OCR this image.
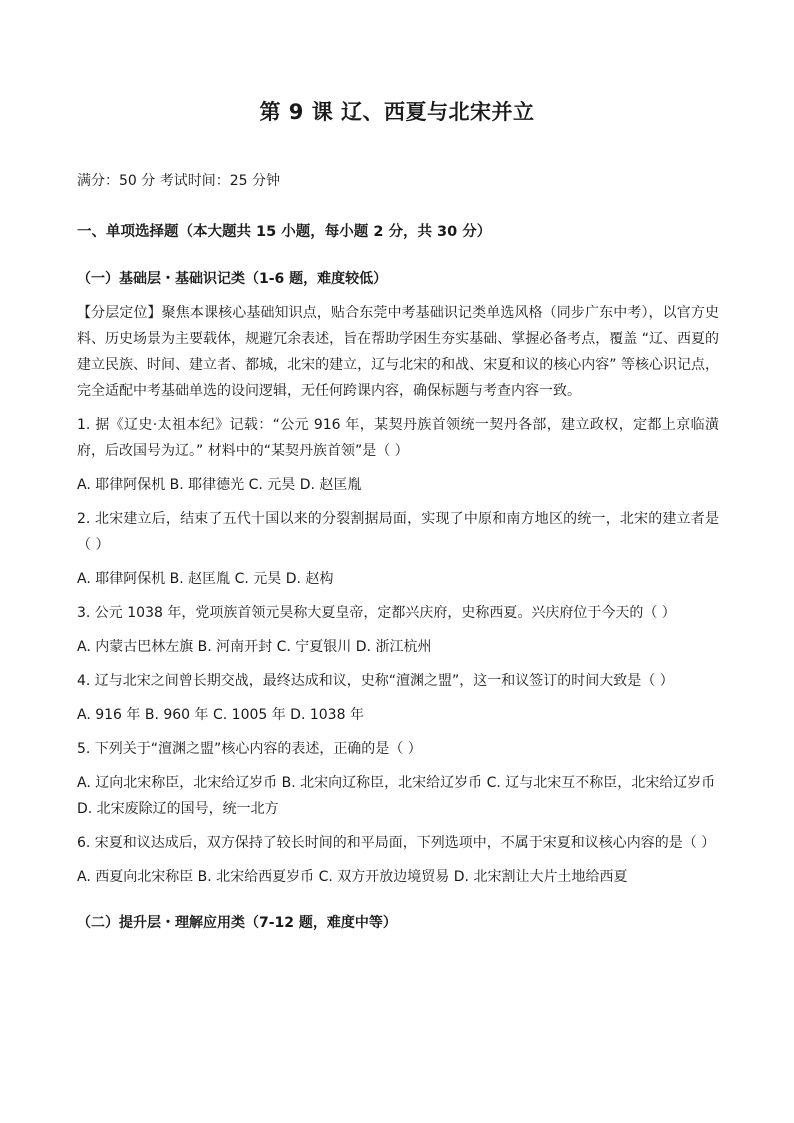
第 9 课 辽、西夏与北宋并立
满分：50 分 考试时间：25 分钟
一、单项选择题（本大题共 15 小题，每小题 2 分，共 30 分）
（一）基础层・基础识记类（1-6 题，难度较低）
【分层定位】聚焦本课核心基础知识点，贴合东莞中考基础识记类单选风格（同步广东中考），以官方史料、历史场景为主要载体，规避冗余表述，旨在帮助学困生夯实基础、掌握必备考点，覆盖 “辽、西夏的建立民族、时间、建立者、都城，北宋的建立，辽与北宋的和战、宋夏和议的核心内容” 等核心识记点，完全适配中考基础单选的设问逻辑，无任何跨课内容，确保标题与考查内容一致。
1. 据《辽史·太祖本纪》记载：“公元 916 年，某契丹族首领统一契丹各部，建立政权，定都上京临潢府，后改国号为辽。” 材料中的“某契丹族首领”是（ ）
A. 耶律阿保机 B. 耶律德光 C. 元昊 D. 赵匡胤
2. 北宋建立后，结束了五代十国以来的分裂割据局面，实现了中原和南方地区的统一，北宋的建立者是（ ）
A. 耶律阿保机 B. 赵匡胤 C. 元昊 D. 赵构
3. 公元 1038 年，党项族首领元昊称大夏皇帝，定都兴庆府，史称西夏。兴庆府位于今天的（ ）
A. 内蒙古巴林左旗 B. 河南开封 C. 宁夏银川 D. 浙江杭州
4. 辽与北宋之间曾长期交战，最终达成和议，史称“澶渊之盟”，这一和议签订的时间大致是（ ）
A. 916 年 B. 960 年 C. 1005 年 D. 1038 年
5. 下列关于“澶渊之盟”核心内容的表述，正确的是（ ）
A. 辽向北宋称臣，北宋给辽岁币 B. 北宋向辽称臣，北宋给辽岁币 C. 辽与北宋互不称臣，北宋给辽岁币 D. 北宋废除辽的国号，统一北方
6. 宋夏和议达成后，双方保持了较长时间的和平局面，下列选项中，不属于宋夏和议核心内容的是（ ）
A. 西夏向北宋称臣 B. 北宋给西夏岁币 C. 双方开放边境贸易 D. 北宋割让大片土地给西夏
（二）提升层・理解应用类（7-12 题，难度中等）
